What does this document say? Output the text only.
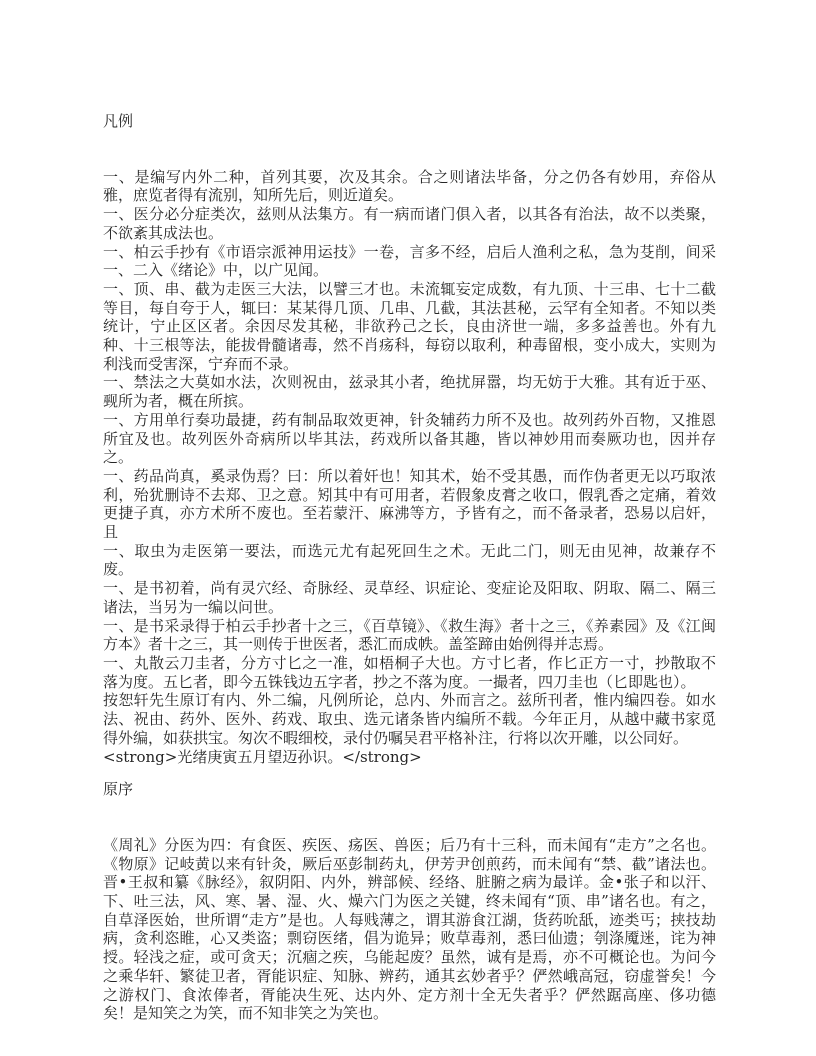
凡例

一、是编写内外二种，首列其要，次及其余。合之则诸法毕备，分之仍各有妙用，弃俗从雅，庶览者得有流别，知所先后，则近道矣。

一、医分必分症类次，兹则从法集方。有一病而诸门俱入者，以其各有治法，故不以类聚，不欲紊其成法也。

一、柏云手抄有《市语宗派神用运技》一卷，言多不经，启后人渔利之私，急为芟削，间采一、二入《绪论》中，以广见闻。

一、顶、串、截为走医三大法，以譬三才也。未流辄妄定成数，有九顶、十三串、七十二截等目，每自夸于人，辄曰：某某得几顶、几串、几截，其法甚秘，云罕有全知者。不知以类统计，宁止区区者。余因尽发其秘，非欲矜己之长，良由济世一端，多多益善也。外有九种、十三根等法，能拔骨髓诸毒，然不肖疡科，每窃以取利，种毒留根，变小成大，实则为利浅而受害深，宁弃而不录。

一、禁法之大莫如水法，次则祝由，兹录其小者，绝扰屏嚣，均无妨于大雅。其有近于巫、觋所为者，概在所摈。

一、方用单行奏功最捷，药有制品取效更神，针灸辅药力所不及也。故列药外百物，又推恩所宜及也。故列医外奇病所以毕其法，药戏所以备其趣，皆以神妙用而奏厥功也，因并存之。

一、药品尚真，奚录伪焉？曰：所以着奸也！知其术，始不受其愚，而作伪者更无以巧取浓利，殆犹删诗不去郑、卫之意。矧其中有可用者，若假象皮膏之收口，假乳香之定痛，着效更捷子真，亦方术所不废也。至若蒙汗、麻沸等方，予皆有之，而不备录者，恐易以启奸，且

一、取虫为走医第一要法，而选元尤有起死回生之术。无此二门，则无由见神，故兼存不废。

一、是书初着，尚有灵穴经、奇脉经、灵草经、识症论、变症论及阳取、阴取、隔二、隔三诸法，当另为一编以问世。

一、是书采录得于柏云手抄者十之三，《百草镜》、《救生海》者十之三，《养素园》及《江闽方本》者十之三，其一则传于世医者，悉汇而成帙。盖筌蹄由始例得并志焉。

一、丸散云刀圭者，分方寸匕之一准，如梧桐子大也。方寸匕者，作匕正方一寸，抄散取不落为度。五匕者，即今五铢钱边五字者，抄之不落为度。一撮者，四刀圭也（匕即匙也）。

按恕轩先生原订有内、外二编，凡例所论，总内、外而言之。兹所刊者，惟内编四卷。如水法、祝由、药外、医外、药戏、取虫、选元诸条皆内编所不载。今年正月，从越中藏书家觅得外编，如获拱宝。匆次不暇细校，录付仍嘱吴君平格补注，行将以次开雕，以公同好。

<strong>光绪庚寅五月望迈孙识。</strong>

原序

《周礼》分医为四：有食医、疾医、疡医、兽医；后乃有十三科，而未闻有“走方”之名也。《物原》记岐黄以来有针灸，厥后巫彭制药丸，伊芳尹创煎药，而未闻有“禁、截”诸法也。晋•王叔和纂《脉经》，叙阴阳、内外，辨部候、经络、脏腑之病为最详。金•张子和以汗、下、吐三法，风、寒、暑、湿、火、燥六门为医之关键，终未闻有“顶、串”诸名也。有之，自草泽医始，世所谓“走方”是也。人每贱薄之，谓其游食江湖，货药吮舐，迹类丐；挟技劫病，贪利恣睢，心又类盗；剽窃医绪，倡为诡异；败草毒剂，悉曰仙遗；刳涤魇迷，诧为神授。轻浅之症，或可贪天；沉痼之疾，乌能起废？虽然，诚有是焉，亦不可概论也。为问今之乘华轩、繁徒卫者，胥能识症、知脉、辨药，通其玄妙者乎？俨然峨高冠，窃虚誉矣！今之游权门、食浓俸者，胥能决生死、达内外、定方剂十全无失者乎？俨然踞高座、侈功德矣！是知笑之为笑，而不知非笑之为笑也。
